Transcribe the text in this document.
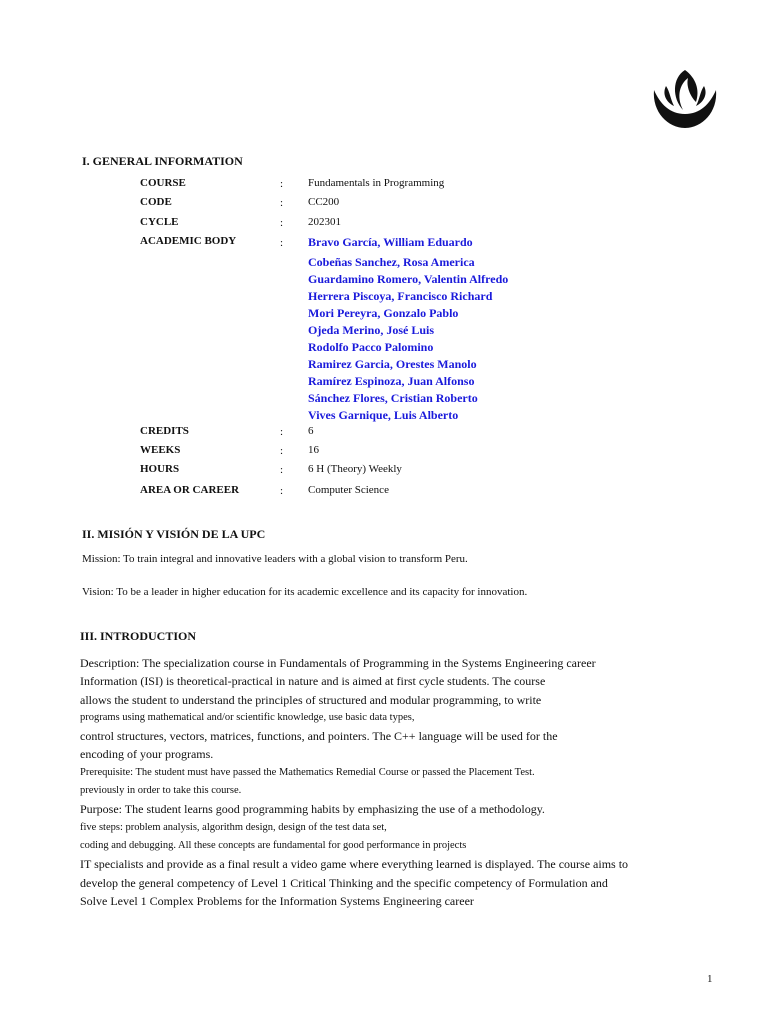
I. GENERAL INFORMATION
COURSE	: Fundamentals in Programming
CODE	: CC200
CYCLE	: 202301
ACADEMIC BODY	: Bravo García, William Eduardo
Cobeñas Sanchez, Rosa America
Guardamino Romero, Valentin Alfredo
Herrera Piscoya, Francisco Richard
Mori Pereyra, Gonzalo Pablo
Ojeda Merino, José Luis
Rodolfo Pacco Palomino
Ramirez Garcia, Orestes Manolo
Ramírez Espinoza, Juan Alfonso
Sánchez Flores, Cristian Roberto
Vives Garnique, Luis Alberto
CREDITS	: 6
WEEKS	: 16
HOURS	: 6 H (Theory) Weekly
AREA OR CAREER	: Computer Science
II. MISIÓN Y VISIÓN DE LA UPC
Mission: To train integral and innovative leaders with a global vision to transform Peru.
Vision: To be a leader in higher education for its academic excellence and its capacity for innovation.
III. INTRODUCTION
Description: The specialization course in Fundamentals of Programming in the Systems Engineering career
Information (ISI) is theoretical-practical in nature and is aimed at first cycle students. The course
allows the student to understand the principles of structured and modular programming, to write
programs using mathematical and/or scientific knowledge, use basic data types,
control structures, vectors, matrices, functions, and pointers. The C++ language will be used for the
encoding of your programs.
Prerequisite: The student must have passed the Mathematics Remedial Course or passed the Placement Test.
previously in order to take this course.
Purpose: The student learns good programming habits by emphasizing the use of a methodology.
five steps: problem analysis, algorithm design, design of the test data set,
coding and debugging. All these concepts are fundamental for good performance in projects
IT specialists and provide as a final result a video game where everything learned is displayed. The course aims to
develop the general competency of Level 1 Critical Thinking and the specific competency of Formulation and
Solve Level 1 Complex Problems for the Information Systems Engineering career
1
